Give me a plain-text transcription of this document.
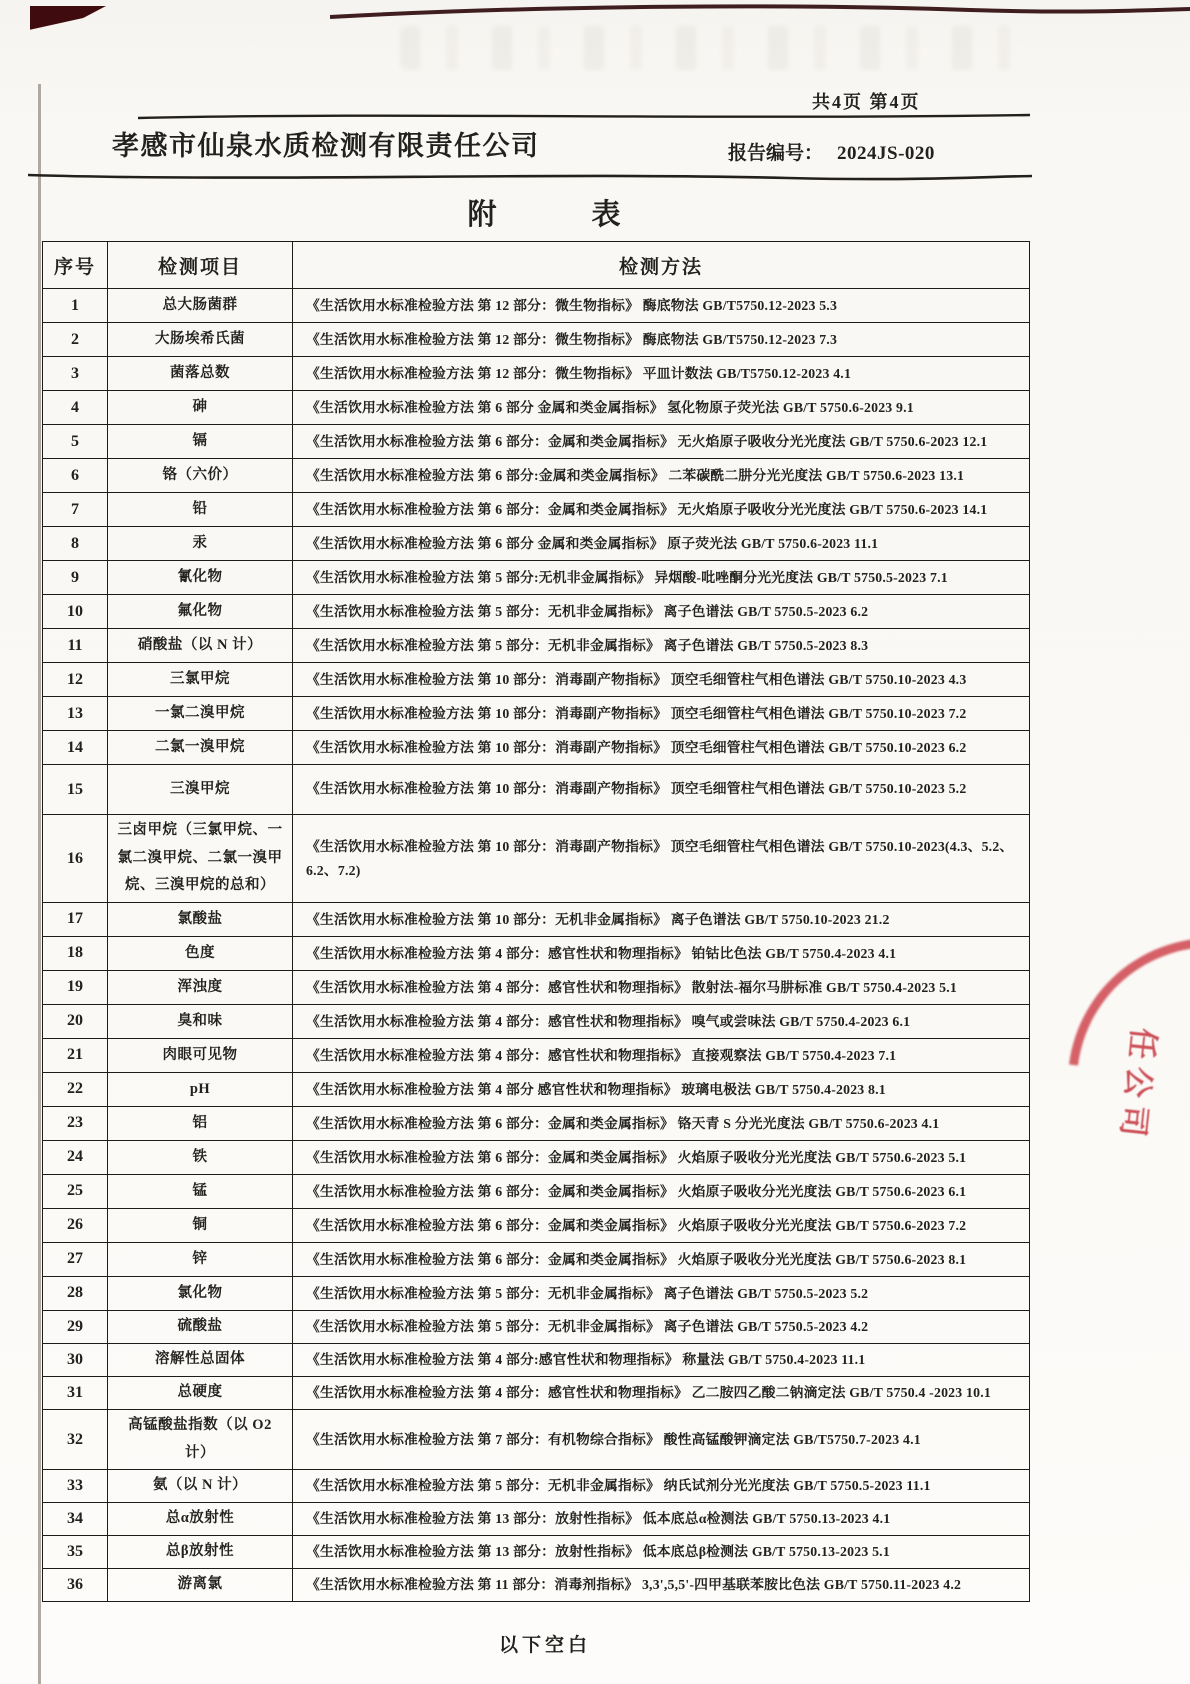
共4页 第4页
孝感市仙泉水质检测有限责任公司	报告编号： 2024JS-020
附　　　表
序号	检测项目	检测方法
1	总大肠菌群	《生活饮用水标准检验方法 第 12 部分：微生物指标》 酶底物法 GB/T5750.12-2023 5.3
2	大肠埃希氏菌	《生活饮用水标准检验方法 第 12 部分：微生物指标》 酶底物法 GB/T5750.12-2023 7.3
3	菌落总数	《生活饮用水标准检验方法 第 12 部分：微生物指标》 平皿计数法 GB/T5750.12-2023 4.1
4	砷	《生活饮用水标准检验方法 第 6 部分 金属和类金属指标》 氢化物原子荧光法 GB/T 5750.6-2023 9.1
5	镉	《生活饮用水标准检验方法 第 6 部分：金属和类金属指标》 无火焰原子吸收分光光度法 GB/T 5750.6-2023 12.1
6	铬（六价）	《生活饮用水标准检验方法 第 6 部分:金属和类金属指标》 二苯碳酰二肼分光光度法 GB/T 5750.6-2023 13.1
7	铅	《生活饮用水标准检验方法 第 6 部分：金属和类金属指标》 无火焰原子吸收分光光度法 GB/T 5750.6-2023 14.1
8	汞	《生活饮用水标准检验方法 第 6 部分 金属和类金属指标》 原子荧光法 GB/T 5750.6-2023 11.1
9	氰化物	《生活饮用水标准检验方法 第 5 部分:无机非金属指标》 异烟酸-吡唑酮分光光度法 GB/T 5750.5-2023 7.1
10	氟化物	《生活饮用水标准检验方法 第 5 部分：无机非金属指标》 离子色谱法 GB/T 5750.5-2023 6.2
11	硝酸盐（以 N 计）	《生活饮用水标准检验方法 第 5 部分：无机非金属指标》 离子色谱法 GB/T 5750.5-2023 8.3
12	三氯甲烷	《生活饮用水标准检验方法 第 10 部分：消毒副产物指标》 顶空毛细管柱气相色谱法 GB/T 5750.10-2023 4.3
13	一氯二溴甲烷	《生活饮用水标准检验方法 第 10 部分：消毒副产物指标》 顶空毛细管柱气相色谱法 GB/T 5750.10-2023 7.2
14	二氯一溴甲烷	《生活饮用水标准检验方法 第 10 部分：消毒副产物指标》 顶空毛细管柱气相色谱法 GB/T 5750.10-2023 6.2
15	三溴甲烷	《生活饮用水标准检验方法 第 10 部分：消毒副产物指标》 顶空毛细管柱气相色谱法 GB/T 5750.10-2023 5.2
16	三卤甲烷（三氯甲烷、一氯二溴甲烷、二氯一溴甲烷、三溴甲烷的总和）	《生活饮用水标准检验方法 第 10 部分：消毒副产物指标》 顶空毛细管柱气相色谱法 GB/T 5750.10-2023(4.3、5.2、6.2、7.2)
17	氯酸盐	《生活饮用水标准检验方法 第 10 部分：无机非金属指标》 离子色谱法 GB/T 5750.10-2023 21.2
18	色度	《生活饮用水标准检验方法 第 4 部分：感官性状和物理指标》 铂钴比色法 GB/T 5750.4-2023 4.1
19	浑浊度	《生活饮用水标准检验方法 第 4 部分：感官性状和物理指标》 散射法-福尔马肼标准 GB/T 5750.4-2023 5.1
20	臭和味	《生活饮用水标准检验方法 第 4 部分：感官性状和物理指标》 嗅气或尝味法 GB/T 5750.4-2023 6.1
21	肉眼可见物	《生活饮用水标准检验方法 第 4 部分：感官性状和物理指标》 直接观察法 GB/T 5750.4-2023 7.1
22	pH	《生活饮用水标准检验方法 第 4 部分 感官性状和物理指标》 玻璃电极法 GB/T 5750.4-2023 8.1
23	铝	《生活饮用水标准检验方法 第 6 部分：金属和类金属指标》 铬天青 S 分光光度法 GB/T 5750.6-2023 4.1
24	铁	《生活饮用水标准检验方法 第 6 部分：金属和类金属指标》 火焰原子吸收分光光度法 GB/T 5750.6-2023 5.1
25	锰	《生活饮用水标准检验方法 第 6 部分：金属和类金属指标》 火焰原子吸收分光光度法 GB/T 5750.6-2023 6.1
26	铜	《生活饮用水标准检验方法 第 6 部分：金属和类金属指标》 火焰原子吸收分光光度法 GB/T 5750.6-2023 7.2
27	锌	《生活饮用水标准检验方法 第 6 部分：金属和类金属指标》 火焰原子吸收分光光度法 GB/T 5750.6-2023 8.1
28	氯化物	《生活饮用水标准检验方法 第 5 部分：无机非金属指标》 离子色谱法 GB/T 5750.5-2023 5.2
29	硫酸盐	《生活饮用水标准检验方法 第 5 部分：无机非金属指标》 离子色谱法 GB/T 5750.5-2023 4.2
30	溶解性总固体	《生活饮用水标准检验方法 第 4 部分:感官性状和物理指标》 称量法 GB/T 5750.4-2023 11.1
31	总硬度	《生活饮用水标准检验方法 第 4 部分：感官性状和物理指标》 乙二胺四乙酸二钠滴定法 GB/T 5750.4 -2023 10.1
32	高锰酸盐指数（以 O2 计）	《生活饮用水标准检验方法 第 7 部分：有机物综合指标》 酸性高锰酸钾滴定法 GB/T5750.7-2023 4.1
33	氨（以 N 计）	《生活饮用水标准检验方法 第 5 部分：无机非金属指标》 纳氏试剂分光光度法 GB/T 5750.5-2023 11.1
34	总α放射性	《生活饮用水标准检验方法 第 13 部分：放射性指标》 低本底总α检测法 GB/T 5750.13-2023 4.1
35	总β放射性	《生活饮用水标准检验方法 第 13 部分：放射性指标》 低本底总β检测法 GB/T 5750.13-2023 5.1
36	游离氯	《生活饮用水标准检验方法 第 11 部分：消毒剂指标》 3,3',5,5'-四甲基联苯胺比色法 GB/T 5750.11-2023 4.2
以下空白
任公司
